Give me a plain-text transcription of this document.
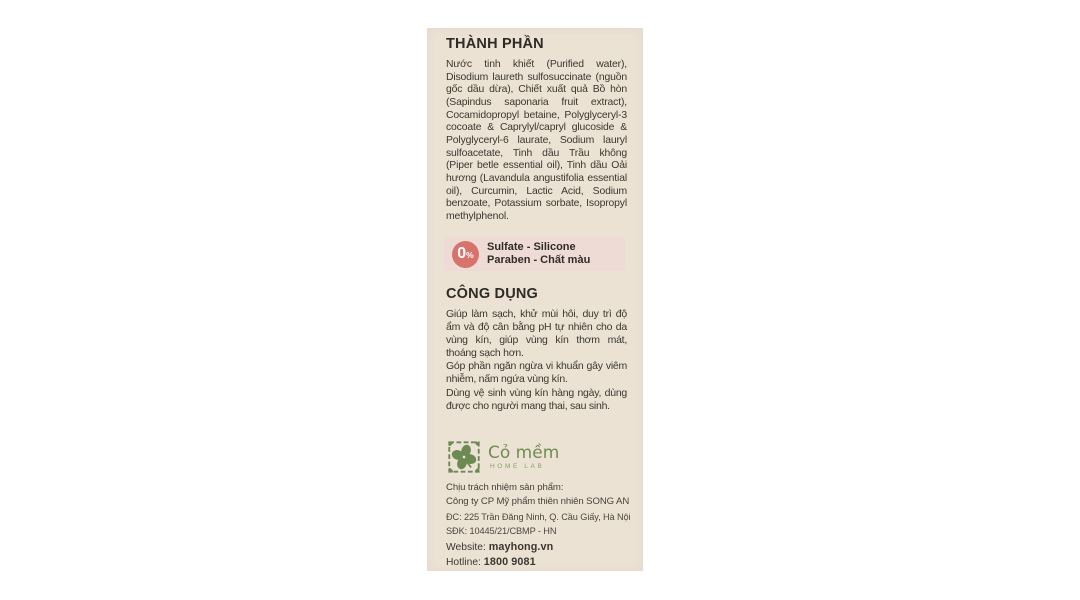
THÀNH PHẦN
Nước tinh khiết (Purified water), Disodium laureth sulfosuccinate (nguồn gốc dầu dừa), Chiết xuất quả Bồ hòn (Sapindus saponaria fruit extract), Cocamidopropyl betaine, Polyglyceryl-3 cocoate & Caprylyl/capryl glucoside & Polyglyceryl-6 laurate, Sodium lauryl sulfoacetate, Tinh dầu Trầu không (Piper betle essential oil), Tinh dầu Oải hương (Lavandula angustifolia essential oil), Curcumin, Lactic Acid, Sodium benzoate, Potassium sorbate, Isopropyl methylphenol.
0 %
Sulfate - Silicone
Paraben - Chất màu
CÔNG DỤNG

Giúp làm sạch, khử mùi hôi, duy trì độ ẩm và độ cân bằng pH tự nhiên cho da vùng kín, giúp vùng kín thơm mát, thoáng sạch hơn.

Góp phần ngăn ngừa vi khuẩn gây viêm nhiễm, nấm ngứa vùng kín.

Dùng vệ sinh vùng kín hàng ngày, dùng được cho người mang thai, sau sinh.

Cỏ mềm
HOME LAB
Chịu trách nhiệm sản phẩm:
Công ty CP Mỹ phẩm thiên nhiên SONG AN
ĐC: 225 Trần Đăng Ninh, Q. Cầu Giấy, Hà Nội
SĐK: 10445/21/CBMP - HN
Website: mayhong.vn
Hotline: 1800 9081
